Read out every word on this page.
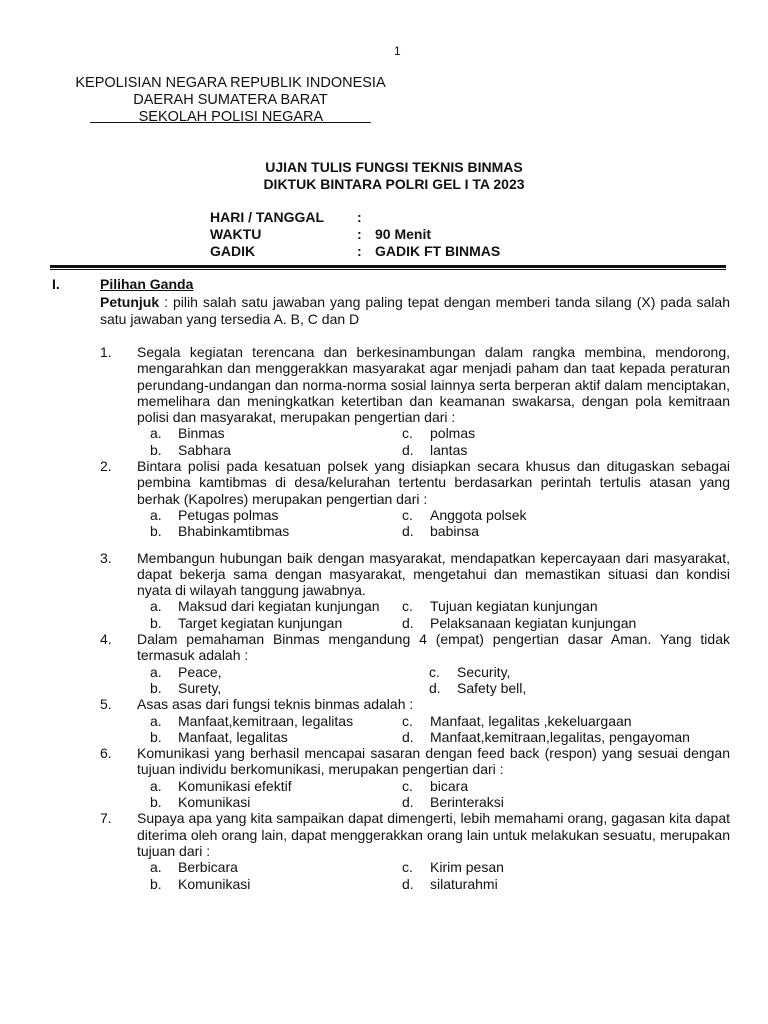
1
KEPOLISIAN NEGARA REPUBLIK INDONESIA
DAERAH SUMATERA BARAT
SEKOLAH POLISI NEGARA
UJIAN TULIS FUNGSI TEKNIS BINMAS
DIKTUK BINTARA POLRI GEL I TA 2023
HARI / TANGGAL	:
WAKTU	: 90 Menit
GADIK	: GADIK FT BINMAS
I.	Pilihan Ganda
Petunjuk : pilih salah satu jawaban yang paling tepat dengan memberi tanda silang (X) pada salah satu jawaban yang tersedia A. B, C dan D
1. Segala kegiatan terencana dan berkesinambungan dalam rangka membina, mendorong, mengarahkan dan menggerakkan masyarakat agar menjadi paham dan taat kepada peraturan perundang-undangan dan norma-norma sosial lainnya serta berperan aktif dalam menciptakan, memelihara dan meningkatkan ketertiban dan keamanan swakarsa, dengan pola kemitraan polisi dan masyarakat, merupakan pengertian dari :
a.	Binmas	c.	polmas
b.	Sabhara	d.	lantas
2. Bintara polisi pada kesatuan polsek yang disiapkan secara khusus dan ditugaskan sebagai pembina kamtibmas di desa/kelurahan tertentu berdasarkan perintah tertulis atasan yang berhak (Kapolres) merupakan pengertian dari :
a.	Petugas polmas	c.	Anggota polsek
b.	Bhabinkamtibmas	d.	babinsa
3. Membangun hubungan baik dengan masyarakat, mendapatkan kepercayaan dari masyarakat, dapat bekerja sama dengan masyarakat, mengetahui dan memastikan situasi dan kondisi nyata di wilayah tanggung jawabnya.
a.	Maksud dari kegiatan kunjungan c.	Tujuan kegiatan kunjungan
b.	Target kegiatan kunjungan	d.	Pelaksanaan kegiatan kunjungan
4. Dalam pemahaman Binmas mengandung 4 (empat) pengertian dasar Aman. Yang tidak termasuk adalah :
a.	Peace,	c.	Security,
b.	Surety,	d.	Safety bell,
5. Asas asas dari fungsi teknis binmas adalah :
a.	Manfaat,kemitraan, legalitas	c.	Manfaat, legalitas ,kekeluargaan
b.	Manfaat, legalitas	d.	Manfaat,kemitraan,legalitas, pengayoman
6. Komunikasi yang berhasil mencapai sasaran dengan feed back (respon) yang sesuai dengan tujuan individu berkomunikasi, merupakan pengertian dari :
a.	Komunikasi efektif	c.	bicara
b.	Komunikasi	d.	Berinteraksi
7. Supaya apa yang kita sampaikan dapat dimengerti, lebih memahami orang, gagasan kita dapat diterima oleh orang lain, dapat menggerakkan orang lain untuk melakukan sesuatu, merupakan tujuan dari :
a.	Berbicara	c.	Kirim pesan
b.	Komunikasi	d.	silaturahmi
